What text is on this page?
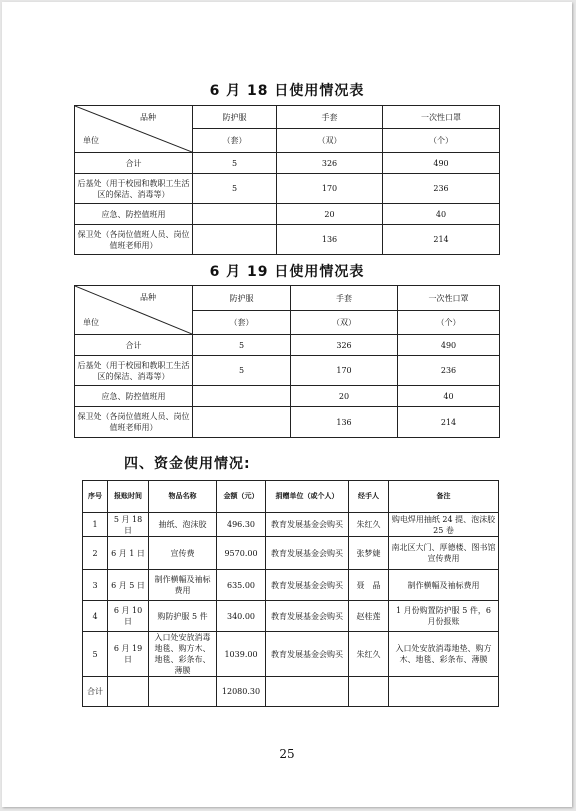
6 月 18 日使用情况表
品种
单位	防护服	手套	一次性口罩
	（套）	（双）	（个）
合计	5	326	490
后基处（用于校园和教职工生活区的保洁、消毒等）	5	170	236
应急、防控值班用		20	40
保卫处（各岗位值班人员、岗位值班老师用）		136	214
6 月 19 日使用情况表
品种
单位	防护服	手套	一次性口罩
	（套）	（双）	（个）
合计	5	326	490
后基处（用于校园和教职工生活区的保洁、消毒等）	5	170	236
应急、防控值班用		20	40
保卫处（各岗位值班人员、岗位值班老师用）		136	214
四、资金使用情况:
序号	报账时间	物品名称	金额（元）	捐赠单位（或个人）	经手人	备注
1	5 月 18 日	抽纸、泡沫胶	496.30	教育发展基金会购买	朱红久	购电焊用抽纸 24 提、泡沫胶 25 卷
2	6 月 1 日	宣传费	9570.00	教育发展基金会购买	张梦婕	南北区大门、厚德楼、图书馆宣传费用
3	6 月 5 日	制作横幅及袖标费用	635.00	教育发展基金会购买	聂　晶	制作横幅及袖标费用
4	6 月 10 日	购防护服 5 件	340.00	教育发展基金会购买	赵桂莲	1 月份购置防护服 5 件，6 月份报账
5	6 月 19 日	入口处安放消毒地毯、购方木、地毯、彩条布、薄膜	1039.00	教育发展基金会购买	朱红久	入口处安放消毒地垫、购方木、地毯、彩条布、薄膜
合计			12080.30			
25
